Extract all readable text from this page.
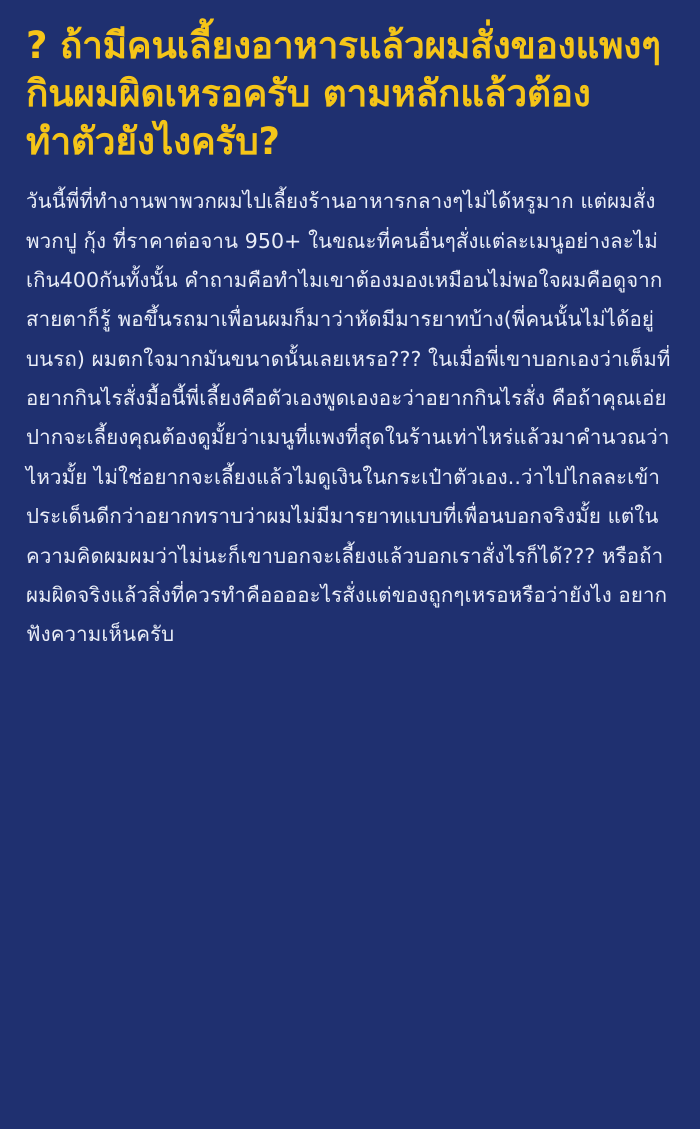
? ถ้ามีคนเลี้ยงอาหารแล้วผมสั่งของแพงๆกินผมผิดเหรอครับ ตามหลักแล้วต้องทำตัวยังไงครับ?

วันนี้พี่ที่ทำงานพาพวกผมไปเลี้ยงร้านอาหารกลางๆไม่ได้หรูมาก แต่ผมสั่งพวกปู กุ้ง ที่ราคาต่อจาน 950+ ในขณะที่คนอื่นๆสั่งแต่ละเมนูอย่างละไม่เกิน400กันทั้งนั้น คำถามคือทำไมเขาต้องมองเหมือนไม่พอใจผมคือดูจากสายตาก็รู้ พอขึ้นรถมาเพื่อนผมก็มาว่าหัดมีมารยาทบ้าง(พี่คนนั้นไม่ได้อยู่บนรถ) ผมตกใจมากมันขนาดนั้นเลยเหรอ??? ในเมื่อพี่เขาบอกเองว่าเต็มที่อยากกินไรสั่งมื้อนี้พี่เลี้ยงคือตัวเองพูดเองอะว่าอยากกินไรสั่ง คือถ้าคุณเอ่ยปากจะเลี้ยงคุณต้องดูมั้ยว่าเมนูที่แพงที่สุดในร้านเท่าไหร่แล้วมาคำนวณว่าไหวมั้ย ไม่ใช่อยากจะเลี้ยงแล้วไมดูเงินในกระเป๋าตัวเอง..ว่าไปไกลละเข้าประเด็นดีกว่าอยากทราบว่าผมไม่มีมารยาทแบบที่เพื่อนบอกจริงมั้ย แต่ในความคิดผมผมว่าไม่นะก็เขาบอกจะเลี้ยงแล้วบอกเราสั่งไรก็ได้??? หรือถ้าผมผิดจริงแล้วสิ่งที่ควรทำคืออออะไรสั่งแต่ของถูกๆเหรอหรือว่ายังไง อยากฟังความเห็นครับ
